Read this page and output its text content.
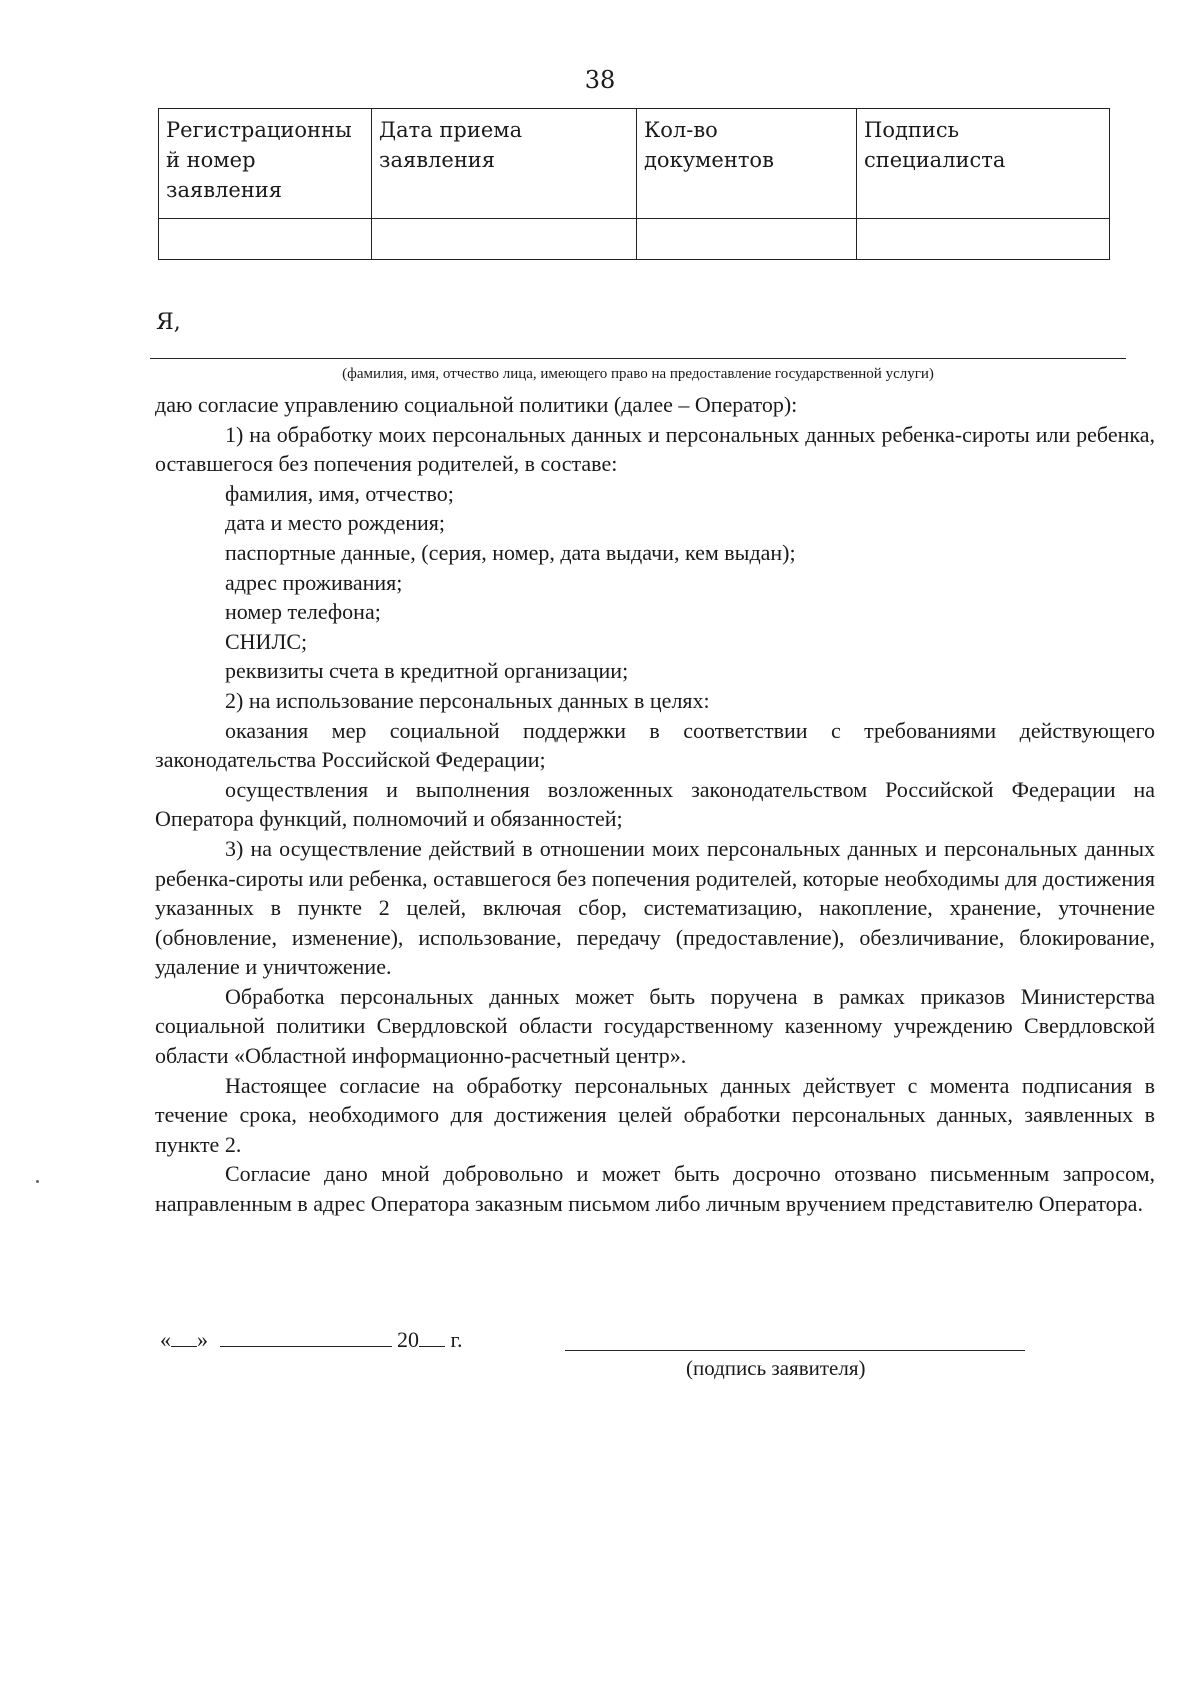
38
Регистрационны й номер заявления	Дата приема заявления	Кол-во документов	Подпись специалиста

Я,
(фамилия, имя, отчество лица, имеющего право на предоставление государственной услуги)

даю согласие управлению социальной политики (далее – Оператор):

1) на обработку моих персональных данных и персональных данных ребенка-сироты или ребенка, оставшегося без попечения родителей, в составе:

фамилия, имя, отчество;

дата и место рождения;

паспортные данные, (серия, номер, дата выдачи, кем выдан);

адрес проживания;

номер телефона;

СНИЛС;

реквизиты счета в кредитной организации;

2) на использование персональных данных в целях:

оказания мер социальной поддержки в соответствии с требованиями действующего законодательства Российской Федерации;

осуществления и выполнения возложенных законодательством Российской Федерации на Оператора функций, полномочий и обязанностей;

3) на осуществление действий в отношении моих персональных данных и персональных данных ребенка-сироты или ребенка, оставшегося без попечения родителей, которые необходимы для достижения указанных в пункте 2 целей, включая сбор, систематизацию, накопление, хранение, уточнение (обновление, изменение), использование, передачу (предоставление), обезличивание, блокирование, удаление и уничтожение.

Обработка персональных данных может быть поручена в рамках приказов Министерства социальной политики Свердловской области государственному казенному учреждению Свердловской области «Областной информационно-расчетный центр».

Настоящее согласие на обработку персональных данных действует с момента подписания в течение срока, необходимого для достижения целей обработки персональных данных, заявленных в пункте 2.

Согласие дано мной добровольно и может быть досрочно отозвано письменным запросом, направленным в адрес Оператора заказным письмом либо личным вручением представителю Оператора.

« »	20 г.
(подпись заявителя)
